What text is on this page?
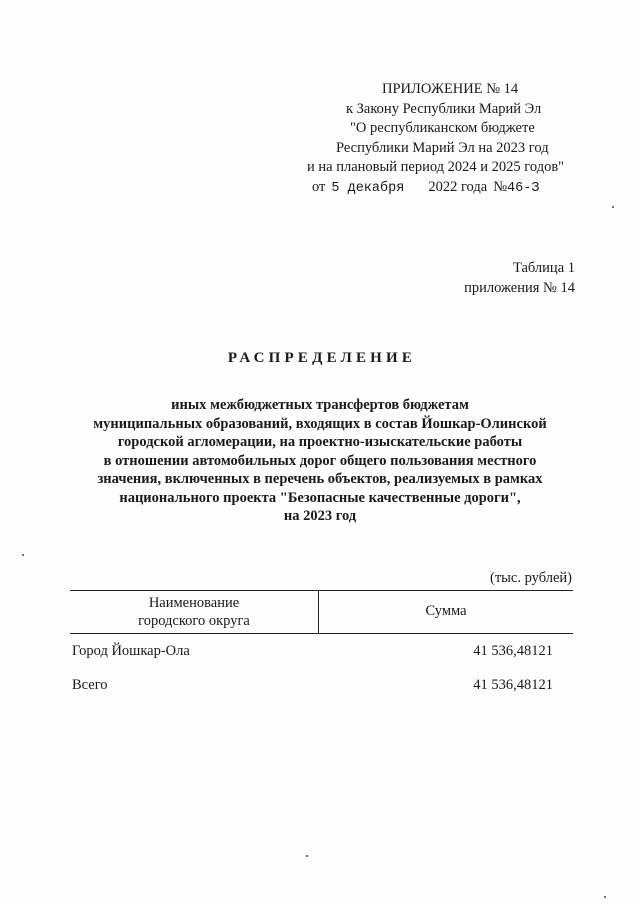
ПРИЛОЖЕНИЕ № 14
к Закону Республики Марий Эл
"О республиканском бюджете
Республики Марий Эл на 2023 год
и на плановый период 2024 и 2025 годов"
от 5 декабря 2022 года №46-З
Таблица 1
приложения № 14
РАСПРЕДЕЛЕНИЕ
иных межбюджетных трансфертов бюджетам
муниципальных образований, входящих в состав Йошкар-Олинской
городской агломерации, на проектно-изыскательские работы
в отношении автомобильных дорог общего пользования местного
значения, включенных в перечень объектов, реализуемых в рамках
национального проекта "Безопасные качественные дороги",
на 2023 год
(тыс. рублей)
Наименование
городского округа
Сумма
Город Йошкар-Ола	41 536,48121
Всего	41 536,48121
